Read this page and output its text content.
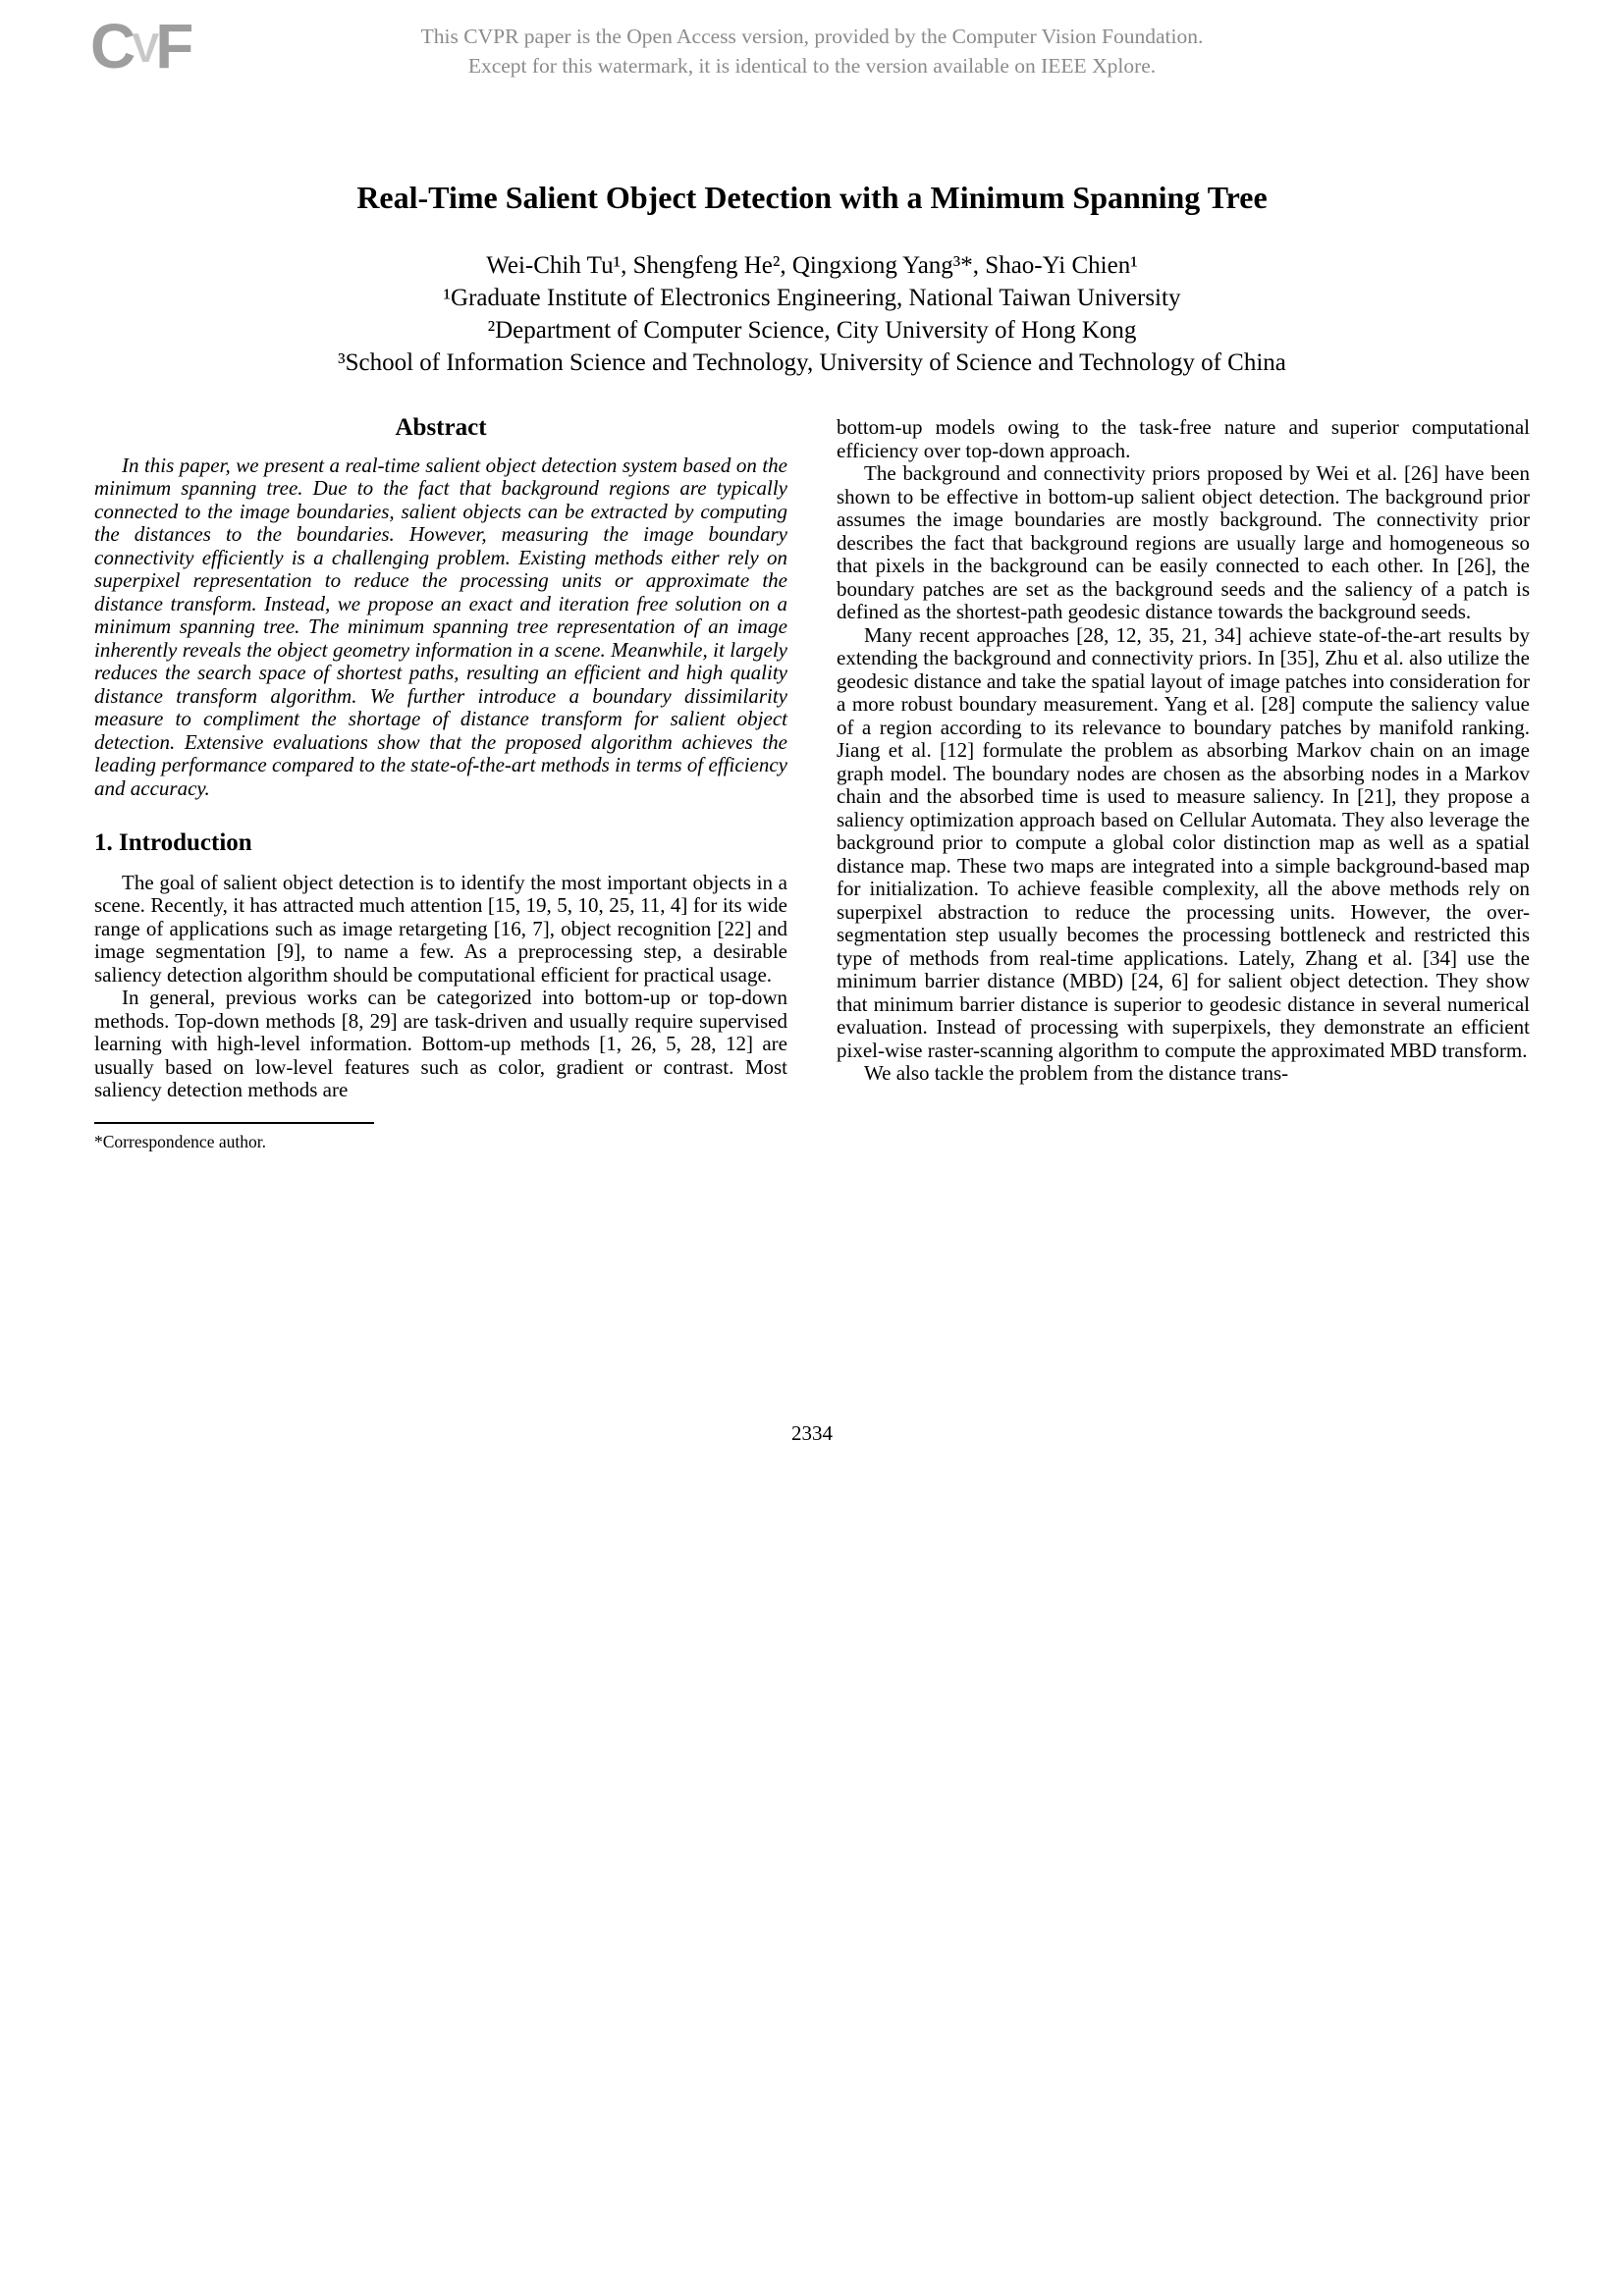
CVF	This CVPR paper is the Open Access version, provided by the Computer Vision Foundation.
Except for this watermark, it is identical to the version available on IEEE Xplore.
Real-Time Salient Object Detection with a Minimum Spanning Tree
Wei-Chih Tu¹, Shengfeng He², Qingxiong Yang³*, Shao-Yi Chien¹
¹Graduate Institute of Electronics Engineering, National Taiwan University
²Department of Computer Science, City University of Hong Kong
³School of Information Science and Technology, University of Science and Technology of China
Abstract

In this paper, we present a real-time salient object detection system based on the minimum spanning tree. Due to the fact that background regions are typically connected to the image boundaries, salient objects can be extracted by computing the distances to the boundaries. However, measuring the image boundary connectivity efficiently is a challenging problem. Existing methods either rely on superpixel representation to reduce the processing units or approximate the distance transform. Instead, we propose an exact and iteration free solution on a minimum spanning tree. The minimum spanning tree representation of an image inherently reveals the object geometry information in a scene. Meanwhile, it largely reduces the search space of shortest paths, resulting an efficient and high quality distance transform algorithm. We further introduce a boundary dissimilarity measure to compliment the shortage of distance transform for salient object detection. Extensive evaluations show that the proposed algorithm achieves the leading performance compared to the state-of-the-art methods in terms of efficiency and accuracy.

1. Introduction

The goal of salient object detection is to identify the most important objects in a scene. Recently, it has attracted much attention [15, 19, 5, 10, 25, 11, 4] for its wide range of applications such as image retargeting [16, 7], object recognition [22] and image segmentation [9], to name a few. As a preprocessing step, a desirable saliency detection algorithm should be computational efficient for practical usage.

In general, previous works can be categorized into bottom-up or top-down methods. Top-down methods [8, 29] are task-driven and usually require supervised learning with high-level information. Bottom-up methods [1, 26, 5, 28, 12] are usually based on low-level features such as color, gradient or contrast. Most saliency detection methods are

*Correspondence author.

bottom-up models owing to the task-free nature and superior computational efficiency over top-down approach.

The background and connectivity priors proposed by Wei et al. [26] have been shown to be effective in bottom-up salient object detection. The background prior assumes the image boundaries are mostly background. The connectivity prior describes the fact that background regions are usually large and homogeneous so that pixels in the background can be easily connected to each other. In [26], the boundary patches are set as the background seeds and the saliency of a patch is defined as the shortest-path geodesic distance towards the background seeds.

Many recent approaches [28, 12, 35, 21, 34] achieve state-of-the-art results by extending the background and connectivity priors. In [35], Zhu et al. also utilize the geodesic distance and take the spatial layout of image patches into consideration for a more robust boundary measurement. Yang et al. [28] compute the saliency value of a region according to its relevance to boundary patches by manifold ranking. Jiang et al. [12] formulate the problem as absorbing Markov chain on an image graph model. The boundary nodes are chosen as the absorbing nodes in a Markov chain and the absorbed time is used to measure saliency. In [21], they propose a saliency optimization approach based on Cellular Automata. They also leverage the background prior to compute a global color distinction map as well as a spatial distance map. These two maps are integrated into a simple background-based map for initialization. To achieve feasible complexity, all the above methods rely on superpixel abstraction to reduce the processing units. However, the over-segmentation step usually becomes the processing bottleneck and restricted this type of methods from real-time applications. Lately, Zhang et al. [34] use the minimum barrier distance (MBD) [24, 6] for salient object detection. They show that minimum barrier distance is superior to geodesic distance in several numerical evaluation. Instead of processing with superpixels, they demonstrate an efficient pixel-wise raster-scanning algorithm to compute the approximated MBD transform.

We also tackle the problem from the distance trans-

2334
